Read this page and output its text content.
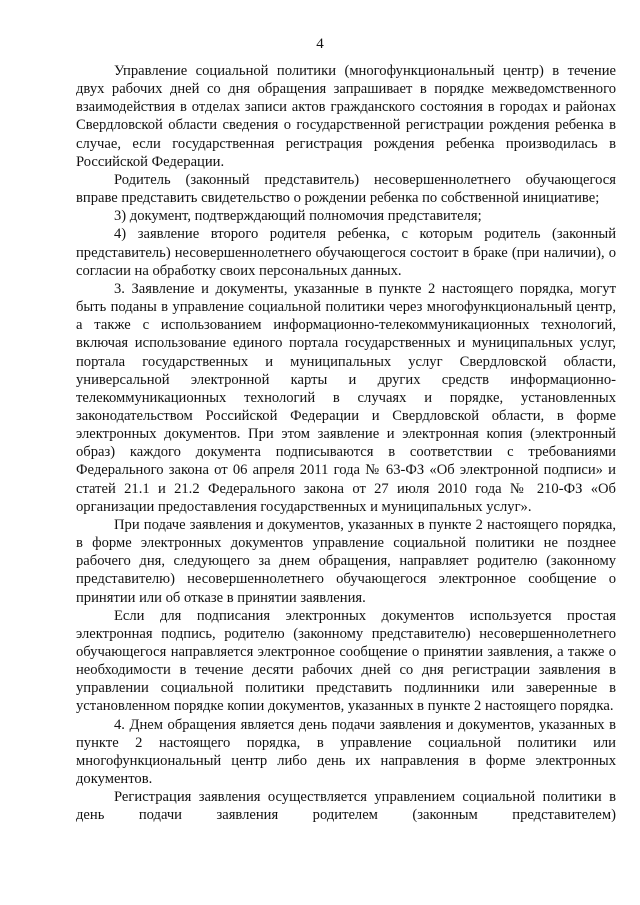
4

Управление социальной политики (многофункциональный центр) в течение двух рабочих дней со дня обращения запрашивает в порядке межведомственного взаимодействия в отделах записи актов гражданского состояния в городах и районах Свердловской области сведения о государственной регистрации рождения ребенка в случае, если государственная регистрация рождения ребенка производилась в Российской Федерации.

Родитель (законный представитель) несовершеннолетнего обучающегося вправе представить свидетельство о рождении ребенка по собственной инициативе;

3) документ, подтверждающий полномочия представителя;

4) заявление второго родителя ребенка, с которым родитель (законный представитель) несовершеннолетнего обучающегося состоит в браке (при наличии), о согласии на обработку своих персональных данных.

3. Заявление и документы, указанные в пункте 2 настоящего порядка, могут быть поданы в управление социальной политики через многофункциональный центр, а также с использованием информационно-телекоммуникационных технологий, включая использование единого портала государственных и муниципальных услуг, портала государственных и муниципальных услуг Свердловской области, универсальной электронной карты и других средств информационно-телекоммуникационных технологий в случаях и порядке, установленных законодательством Российской Федерации и Свердловской области, в форме электронных документов. При этом заявление и электронная копия (электронный образ) каждого документа подписываются в соответствии с требованиями Федерального закона от 06 апреля 2011 года № 63-ФЗ «Об электронной подписи» и статей 21.1 и 21.2 Федерального закона от 27 июля 2010 года № 210-ФЗ «Об организации предоставления государственных и муниципальных услуг».

При подаче заявления и документов, указанных в пункте 2 настоящего порядка, в форме электронных документов управление социальной политики не позднее рабочего дня, следующего за днем обращения, направляет родителю (законному представителю) несовершеннолетнего обучающегося электронное сообщение о принятии или об отказе в принятии заявления.

Если для подписания электронных документов используется простая электронная подпись, родителю (законному представителю) несовершеннолетнего обучающегося направляется электронное сообщение о принятии заявления, а также о необходимости в течение десяти рабочих дней со дня регистрации заявления в управлении социальной политики представить подлинники или заверенные в установленном порядке копии документов, указанных в пункте 2 настоящего порядка.

4. Днем обращения является день подачи заявления и документов, указанных в пункте 2 настоящего порядка, в управление социальной политики или многофункциональный центр либо день их направления в форме электронных документов.

Регистрация заявления осуществляется управлением социальной политики в день подачи заявления родителем (законным представителем)
